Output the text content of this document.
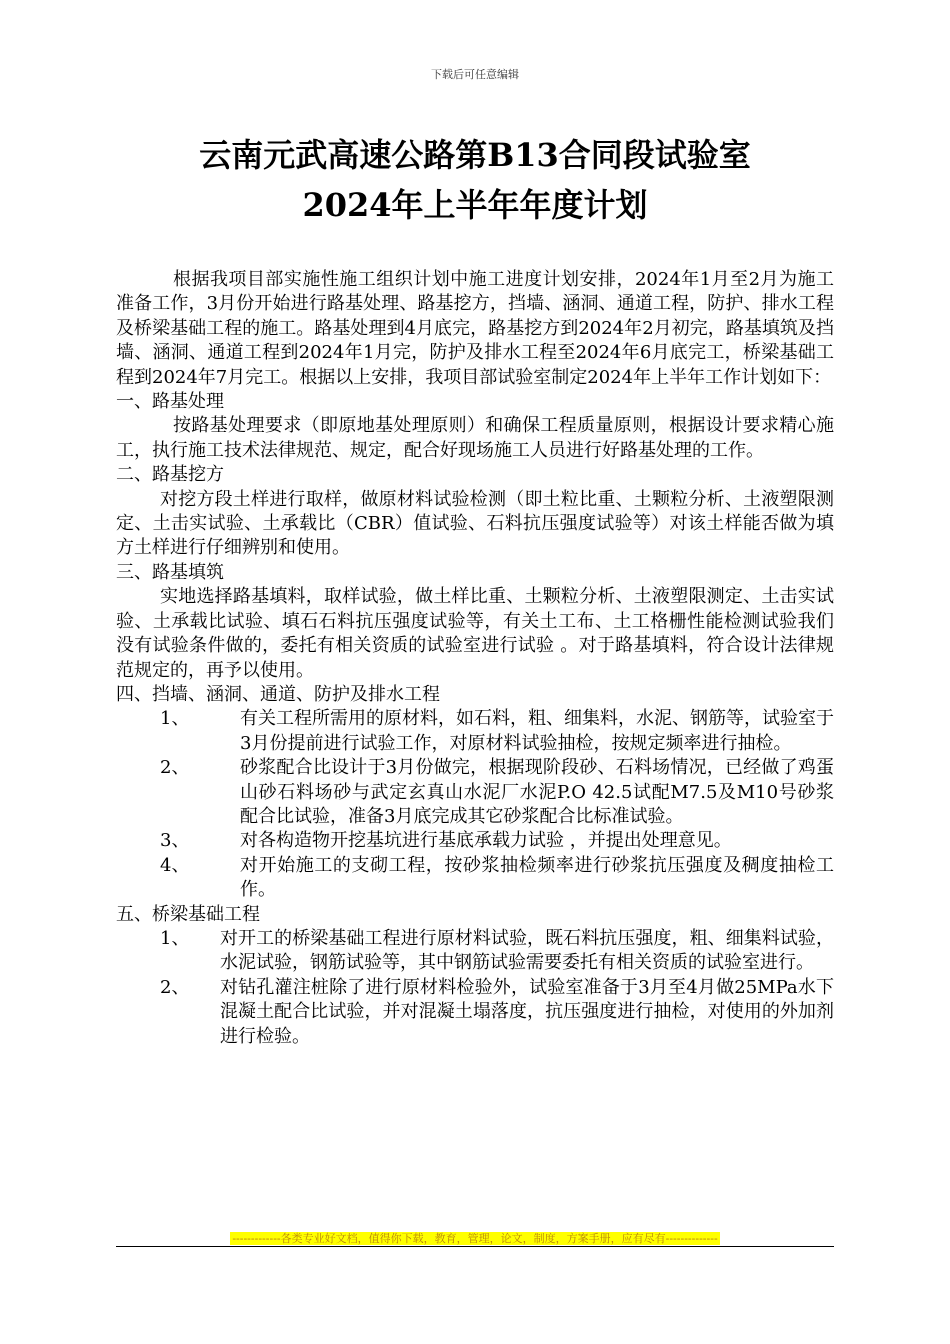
下载后可任意编辑
云南元武高速公路第B13合同段试验室
2024年上半年年度计划

根据我项目部实施性施工组织计划中施工进度计划安排，2024年1月至2月为施工准备工作，3月份开始进行路基处理、路基挖方，挡墙、涵洞、通道工程，防护、排水工程及桥梁基础工程的施工。路基处理到4月底完，路基挖方到2024年2月初完，路基填筑及挡墙、涵洞、通道工程到2024年1月完，防护及排水工程至2024年6月底完工，桥梁基础工程到2024年7月完工。根据以上安排，我项目部试验室制定2024年上半年工作计划如下：

一、路基处理

按路基处理要求（即原地基处理原则）和确保工程质量原则，根据设计要求精心施工，执行施工技术法律规范、规定，配合好现场施工人员进行好路基处理的工作。

二、路基挖方

对挖方段土样进行取样，做原材料试验检测（即土粒比重、土颗粒分析、土液塑限测定、土击实试验、土承载比（CBR）值试验、石料抗压强度试验等）对该土样能否做为填方土样进行仔细辨别和使用。

三、路基填筑

实地选择路基填料，取样试验，做土样比重、土颗粒分析、土液塑限测定、土击实试验、土承载比试验、填石石料抗压强度试验等，有关土工布、土工格栅性能检测试验我们没有试验条件做的，委托有相关资质的试验室进行试验 。对于路基填料，符合设计法律规范规定的，再予以使用。

四、挡墙、涵洞、通道、防护及排水工程

1、	有关工程所需用的原材料，如石料，粗、细集料，水泥、钢筋等，试验室于3月份提前进行试验工作，对原材料试验抽检，按规定频率进行抽检。
2、	砂浆配合比设计于3月份做完，根据现阶段砂、石料场情况，已经做了鸡蛋山砂石料场砂与武定玄真山水泥厂水泥P.O 42.5试配M7.5及M10号砂浆配合比试验，准备3月底完成其它砂浆配合比标准试验。
3、	对各构造物开挖基坑进行基底承载力试验 ，并提出处理意见。
4、	对开始施工的支砌工程，按砂浆抽检频率进行砂浆抗压强度及稠度抽检工作。

五、桥梁基础工程

1、	对开工的桥梁基础工程进行原材料试验，既石料抗压强度，粗、细集料试验，水泥试验，钢筋试验等，其中钢筋试验需要委托有相关资质的试验室进行。
2、	对钻孔灌注桩除了进行原材料检验外，试验室准备于3月至4月做25MPa水下混凝土配合比试验，并对混凝土塌落度，抗压强度进行抽检，对使用的外加剂进行检验。
-------------各类专业好文档，值得你下载，教育，管理，论文，制度，方案手册，应有尽有--------------
